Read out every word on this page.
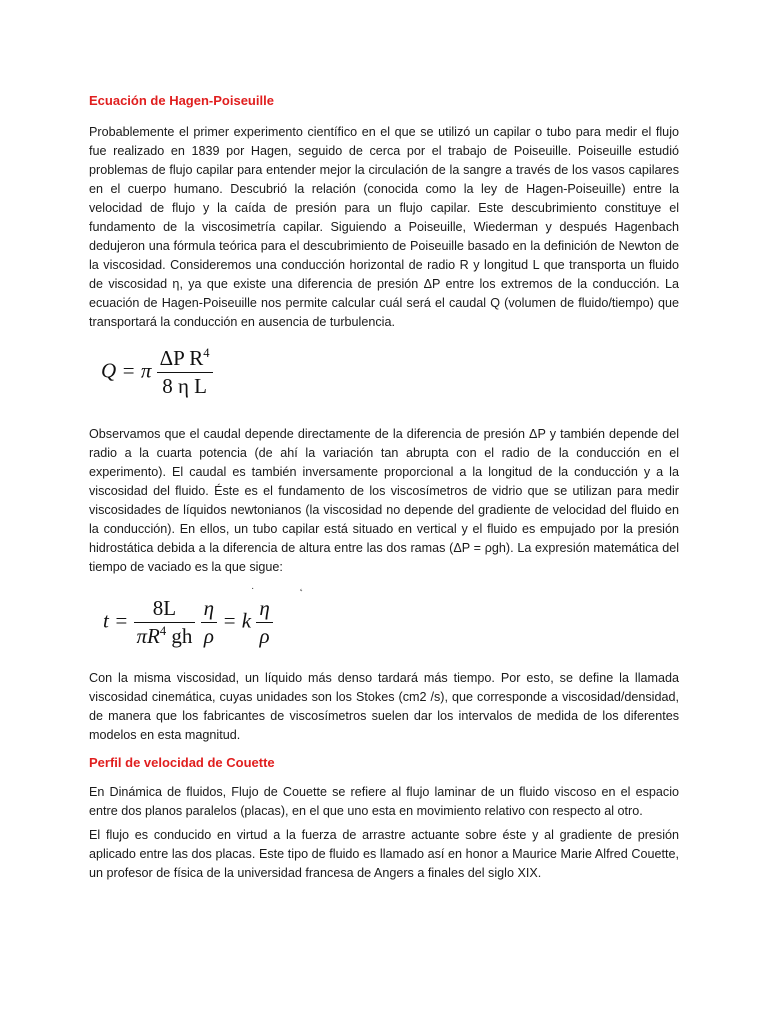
Ecuación de Hagen-Poiseuille

Probablemente el primer experimento científico en el que se utilizó un capilar o tubo para medir el flujo fue realizado en 1839 por Hagen, seguido de cerca por el trabajo de Poiseuille. Poiseuille estudió problemas de flujo capilar para entender mejor la circulación de la sangre a través de los vasos capilares en el cuerpo humano. Descubrió la relación (conocida como la ley de Hagen-Poiseuille) entre la velocidad de flujo y la caída de presión para un flujo capilar. Este descubrimiento constituye el fundamento de la viscosimetría capilar. Siguiendo a Poiseuille, Wiederman y después Hagenbach dedujeron una fórmula teórica para el descubrimiento de Poiseuille basado en la definición de Newton de la viscosidad. Consideremos una conducción horizontal de radio R y longitud L que transporta un fluido de viscosidad η, ya que existe una diferencia de presión ΔP entre los extremos de la conducción. La ecuación de Hagen-Poiseuille nos permite calcular cuál será el caudal Q (volumen de fluido/tiempo) que transportará la conducción en ausencia de turbulencia.

Q = π $\frac{\Delta P R^4}{\text{8 η L}}$

Observamos que el caudal depende directamente de la diferencia de presión ΔP y también depende del radio a la cuarta potencia (de ahí la variación tan abrupta con el radio de la conducción en el experimento). El caudal es también inversamente proporcional a la longitud de la conducción y a la viscosidad del fluido. Éste es el fundamento de los viscosímetros de vidrio que se utilizan para medir viscosidades de líquidos newtonianos (la viscosidad no depende del gradiente de velocidad del fluido en la conducción). En ellos, un tubo capilar está situado en vertical y el fluido es empujado por la presión hidrostática debida a la diferencia de altura entre las dos ramas (ΔP = ρgh). La expresión matemática del tiempo de vaciado es la que sigue:

·	˛
$t = \frac{8L}{\pi R^4 gh}$
$\frac{\eta}{\rho} = k \frac{\eta}{\rho}$

Con la misma viscosidad, un líquido más denso tardará más tiempo. Por esto, se define la llamada viscosidad cinemática, cuyas unidades son los Stokes (cm2 /s), que corresponde a viscosidad/densidad, de manera que los fabricantes de viscosímetros suelen dar los intervalos de medida de los diferentes modelos en esta magnitud.

Perfil de velocidad de Couette

En Dinámica de fluidos, Flujo de Couette se refiere al flujo laminar de un fluido viscoso en el espacio entre dos planos paralelos (placas), en el que uno esta en movimiento relativo con respecto al otro.

El flujo es conducido en virtud a la fuerza de arrastre actuante sobre éste y al gradiente de presión aplicado entre las dos placas. Este tipo de fluido es llamado así en honor a Maurice Marie Alfred Couette, un profesor de física de la universidad francesa de Angers a finales del siglo XIX.
